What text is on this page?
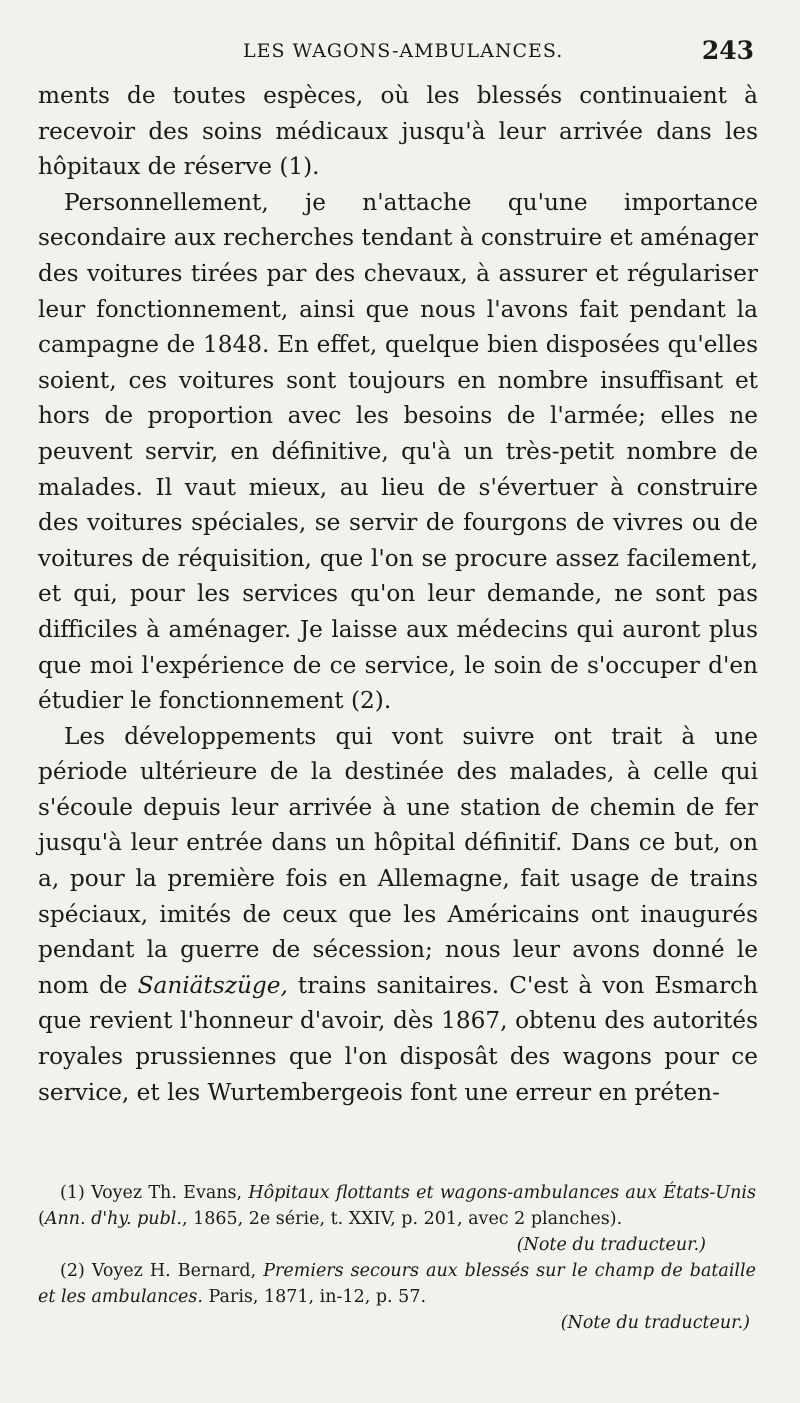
LES WAGONS-AMBULANCES.	243

ments de toutes espèces, où les blessés continuaient à recevoir des soins médicaux jusqu'à leur arrivée dans les hôpitaux de réserve (1).

Personnellement, je n'attache qu'une importance secondaire aux recherches tendant à construire et aménager des voitures tirées par des chevaux, à assurer et régulariser leur fonctionnement, ainsi que nous l'avons fait pendant la campagne de 1848. En effet, quelque bien disposées qu'elles soient, ces voitures sont toujours en nombre insuffisant et hors de proportion avec les besoins de l'armée; elles ne peuvent servir, en définitive, qu'à un très-petit nombre de malades. Il vaut mieux, au lieu de s'évertuer à construire des voitures spéciales, se servir de fourgons de vivres ou de voitures de réquisition, que l'on se procure assez facilement, et qui, pour les services qu'on leur demande, ne sont pas difficiles à aménager. Je laisse aux médecins qui auront plus que moi l'expérience de ce service, le soin de s'occuper d'en étudier le fonctionnement (2).

Les développements qui vont suivre ont trait à une période ultérieure de la destinée des malades, à celle qui s'écoule depuis leur arrivée à une station de chemin de fer jusqu'à leur entrée dans un hôpital définitif. Dans ce but, on a, pour la première fois en Allemagne, fait usage de trains spéciaux, imités de ceux que les Américains ont inaugurés pendant la guerre de sécession; nous leur avons donné le nom de Saniätszüge, trains sanitaires. C'est à von Esmarch que revient l'honneur d'avoir, dès 1867, obtenu des autorités royales prussiennes que l'on disposât des wagons pour ce service, et les Wurtembergeois font une erreur en préten-

(1) Voyez Th. Evans, Hôpitaux flottants et wagons-ambulances aux États-Unis (Ann. d'hy. publ., 1865, 2e série, t. XXIV, p. 201, avec 2 planches).
(Note du traducteur.)

(2) Voyez H. Bernard, Premiers secours aux blessés sur le champ de bataille et les ambulances. Paris, 1871, in-12, p. 57.
(Note du traducteur.)
